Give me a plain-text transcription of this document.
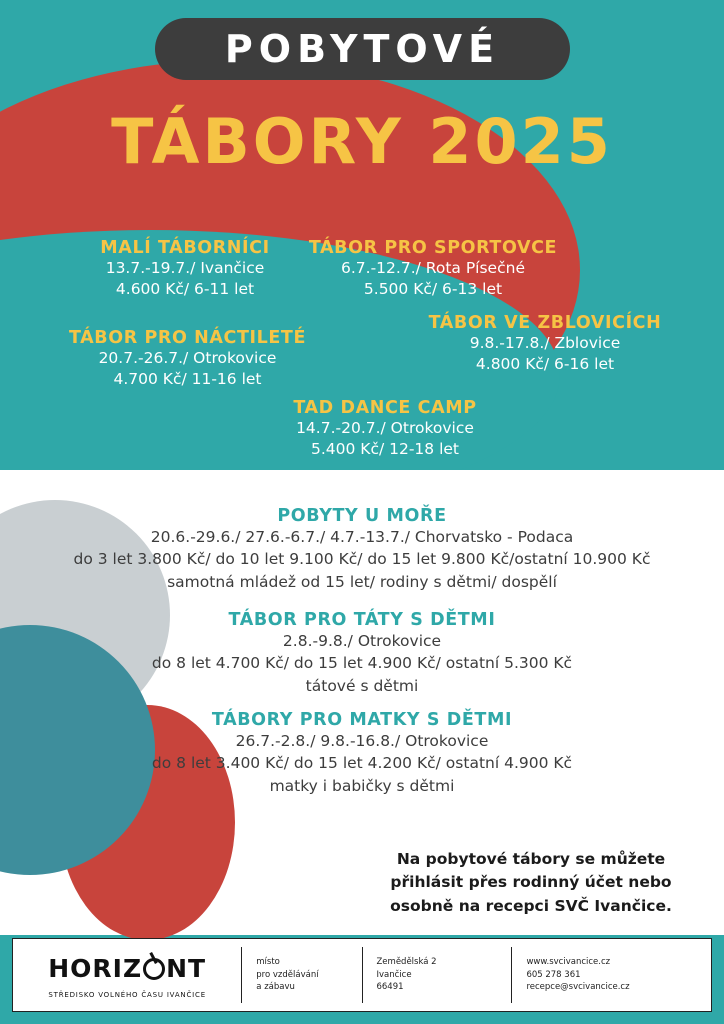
POBYTOVÉ
TÁBORY 2025
MALÍ TÁBORNÍCI
13.7.-19.7./ Ivančice
4.600 Kč/ 6-11 let
TÁBOR PRO SPORTOVCE
6.7.-12.7./ Rota Písečné
5.500 Kč/ 6-13 let
TÁBOR PRO NÁCTILETÉ
20.7.-26.7./ Otrokovice
4.700 Kč/ 11-16 let
TÁBOR VE ZBLOVICÍCH
9.8.-17.8./ Zblovice
4.800 Kč/ 6-16 let
TAD DANCE CAMP
14.7.-20.7./ Otrokovice
5.400 Kč/ 12-18 let
POBYTY U MOŘE
20.6.-29.6./ 27.6.-6.7./ 4.7.-13.7./ Chorvatsko - Podaca
do 3 let 3.800 Kč/ do 10 let 9.100 Kč/ do 15 let 9.800 Kč/ostatní 10.900 Kč
samotná mládež od 15 let/ rodiny s dětmi/ dospělí
TÁBOR PRO TÁTY S DĚTMI
2.8.-9.8./ Otrokovice
do 8 let 4.700 Kč/ do 15 let 4.900 Kč/ ostatní 5.300 Kč
tátové s dětmi
TÁBORY PRO MATKY S DĚTMI
26.7.-2.8./ 9.8.-16.8./ Otrokovice
do 8 let 3.400 Kč/ do 15 let 4.200 Kč/ ostatní 4.900 Kč
matky i babičky s dětmi
Na pobytové tábory se můžete
přihlásit přes rodinný účet nebo
osobně na recepci SVČ Ivančice.
HORIZ NT
STŘEDISKO VOLNÉHO ČASU IVANČICE
místo
pro vzdělávání
a zábavu
Zemědělská 2
Ivančice
66491
www.svcivancice.cz
605 278 361
recepce@svcivancice.cz
